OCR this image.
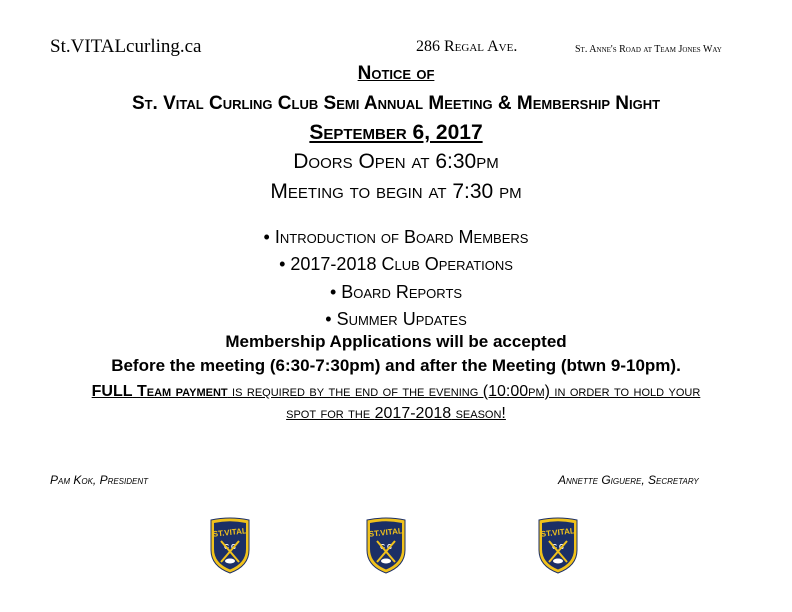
St.VITALcurling.ca	286 Regal Ave.	St. Anne's Road at Team Jones Way
Notice of
St. Vital Curling Club Semi Annual Meeting & Membership Night
September 6, 2017
Doors Open at 6:30pm
Meeting to begin at 7:30 pm
• Introduction of Board Members
• 2017-2018 Club Operations
• Board Reports
• Summer Updates
Membership Applications will be accepted
Before the meeting (6:30-7:30pm) and after the Meeting (btwn 9-10pm).
FULL Team payment is required by the end of the evening (10:00pm) in order to hold your
spot for the 2017-2018 season!
Pam Kok, President	Annette Giguere, Secretary
ST.VITAL
C C
ST.VITAL
C C
ST.VITAL
C C
